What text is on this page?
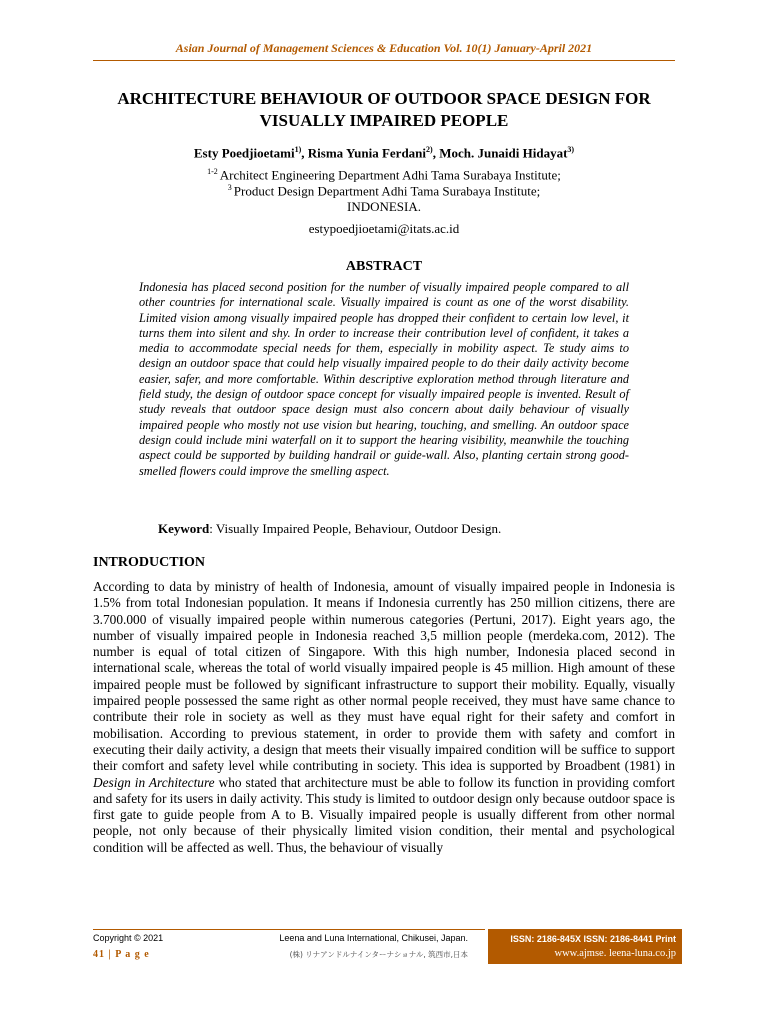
Asian Journal of Management Sciences & Education Vol. 10(1) January-April 2021
ARCHITECTURE BEHAVIOUR OF OUTDOOR SPACE DESIGN FOR VISUALLY IMPAIRED PEOPLE
Esty Poedjioetami$^{1)}$, Risma Yunia Ferdani$^{2)}$, Moch. Junaidi Hidayat$^{3)}$
$^{1-2}$ Architect Engineering Department Adhi Tama Surabaya Institute;
$^3$ Product Design Department Adhi Tama Surabaya Institute;
INDONESIA.
estypoedjioetami@itats.ac.id
ABSTRACT

Indonesia has placed second position for the number of visually impaired people compared to all other countries for international scale. Visually impaired is count as one of the worst disability. Limited vision among visually impaired people has dropped their confident to certain low level, it turns them into silent and shy. In order to increase their contribution level of confident, it takes a media to accommodate special needs for them, especially in mobility aspect. Te study aims to design an outdoor space that could help visually impaired people to do their daily activity become easier, safer, and more comfortable. Within descriptive exploration method through literature and field study, the design of outdoor space concept for visually impaired people is invented. Result of study reveals that outdoor space design must also concern about daily behaviour of visually impaired people who mostly not use vision but hearing, touching, and smelling. An outdoor space design could include mini waterfall on it to support the hearing visibility, meanwhile the touching aspect could be supported by building handrail or guide-wall. Also, planting certain strong good-smelled flowers could improve the smelling aspect.

Keyword: Visually Impaired People, Behaviour, Outdoor Design.
INTRODUCTION

According to data by ministry of health of Indonesia, amount of visually impaired people in Indonesia is 1.5% from total Indonesian population. It means if Indonesia currently has 250 million citizens, there are 3.700.000 of visually impaired people within numerous categories (Pertuni, 2017). Eight years ago, the number of visually impaired people in Indonesia reached 3,5 million people (merdeka.com, 2012). The number is equal of total citizen of Singapore. With this high number, Indonesia placed second in international scale, whereas the total of world visually impaired people is 45 million. High amount of these impaired people must be followed by significant infrastructure to support their mobility. Equally, visually impaired people possessed the same right as other normal people received, they must have same chance to contribute their role in society as well as they must have equal right for their safety and comfort in mobilisation. According to previous statement, in order to provide them with safety and comfort in executing their daily activity, a design that meets their visually impaired condition will be suffice to support their comfort and safety level while contributing in society. This idea is supported by Broadbent (1981) in Design in Architecture who stated that architecture must be able to follow its function in providing comfort and safety for its users in daily activity. This study is limited to outdoor design only because outdoor space is first gate to guide people from A to B. Visually impaired people is usually different from other normal people, not only because of their physically limited vision condition, their mental and psychological condition will be affected as well. Thus, the behaviour of visually

Copyright © 2021
41 | P a g e
Leena and Luna International, Chikusei, Japan.
(株) リナアンドルナインターナショナル, 筑西市,日本
ISSN: 2186-845X ISSN: 2186-8441 Print
www.ajmse. leena-luna.co.jp
